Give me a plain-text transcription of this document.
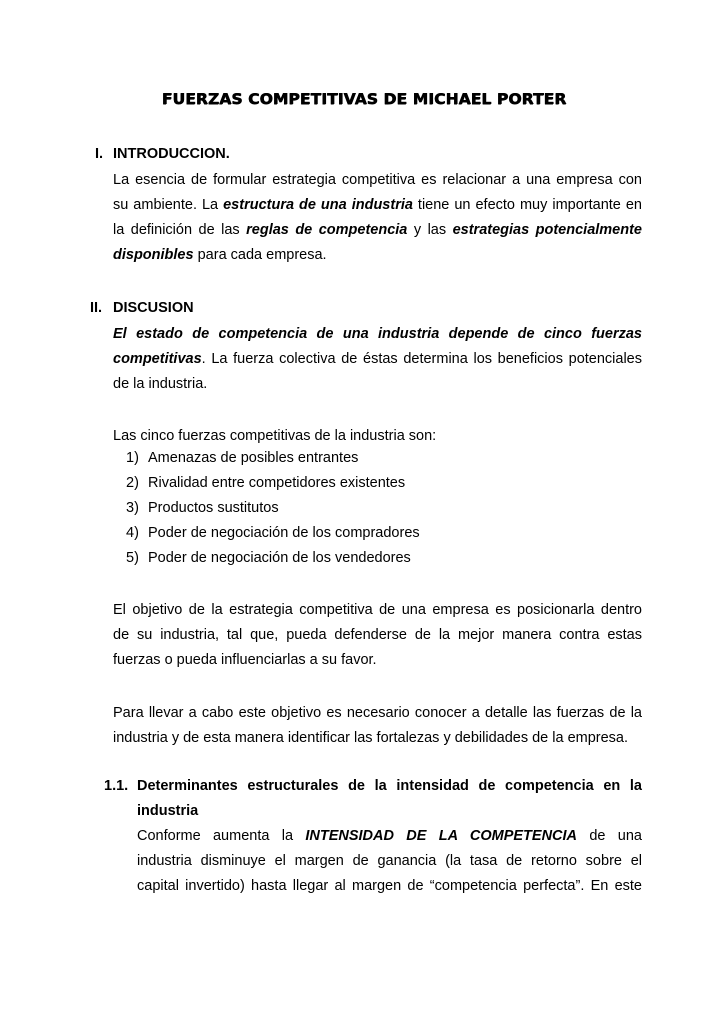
FUERZAS COMPETITIVAS DE MICHAEL PORTER
I. INTRODUCCION.
La esencia de formular estrategia competitiva es relacionar a una empresa con
su ambiente. La estructura de una industria tiene un efecto muy importante en
la definición de las reglas de competencia y las estrategias potencialmente
disponibles para cada empresa.
II. DISCUSION
El estado de competencia de una industria depende de cinco fuerzas
competitivas. La fuerza colectiva de éstas determina los beneficios potenciales
de la industria.
Las cinco fuerzas competitivas de la industria son:
1) Amenazas de posibles entrantes
2) Rivalidad entre competidores existentes
3) Productos sustitutos
4) Poder de negociación de los compradores
5) Poder de negociación de los vendedores
El objetivo de la estrategia competitiva de una empresa es posicionarla dentro
de su industria, tal que, pueda defenderse de la mejor manera contra estas
fuerzas o pueda influenciarlas a su favor.
Para llevar a cabo este objetivo es necesario conocer a detalle las fuerzas de la
industria y de esta manera identificar las fortalezas y debilidades de la empresa.
1.1. Determinantes estructurales de la intensidad de competencia en la
industria
Conforme aumenta la INTENSIDAD DE LA COMPETENCIA de una
industria disminuye el margen de ganancia (la tasa de retorno sobre el
capital invertido) hasta llegar al margen de “competencia perfecta”. En este
